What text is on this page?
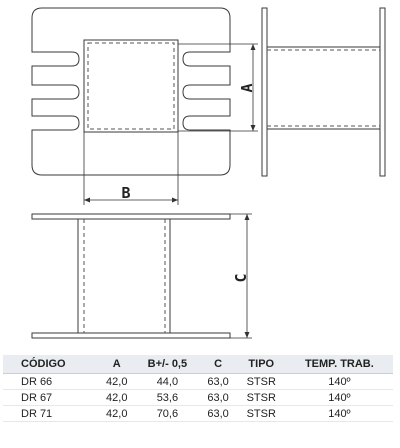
A
B
C
CÓDIGO	A	B+/- 0,5	C	TIPO	TEMP. TRAB.
DR 66	42,0	44,0	63,0	STSR	140º
DR 67	42,0	53,6	63,0	STSR	140º
DR 71	42,0	70,6	63,0	STSR	140º
